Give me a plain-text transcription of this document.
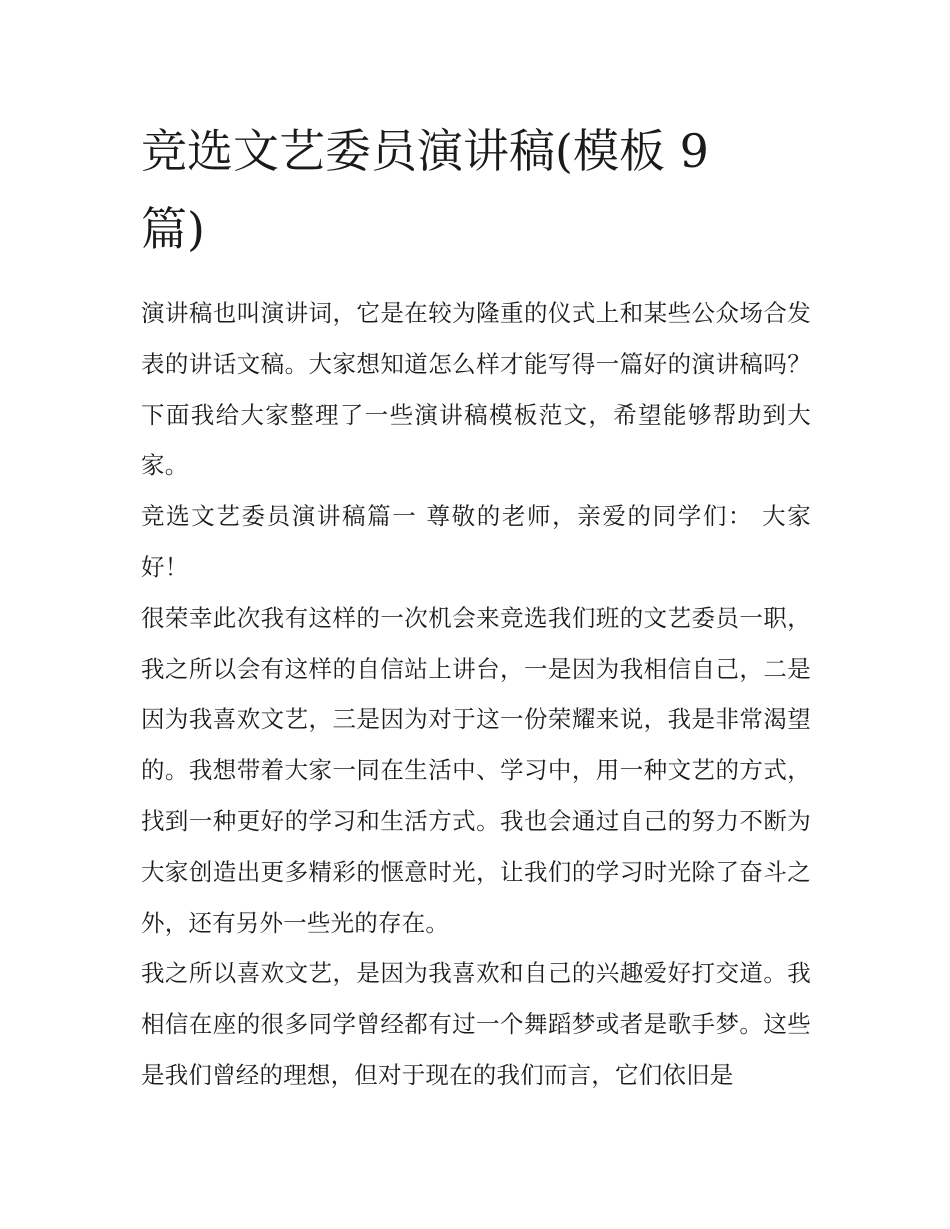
竞选文艺委员演讲稿(模板 9 篇)

演讲稿也叫演讲词，它是在较为隆重的仪式上和某些公众场合发表的讲话文稿。大家想知道怎么样才能写得一篇好的演讲稿吗？下面我给大家整理了一些演讲稿模板范文，希望能够帮助到大家。

竞选文艺委员演讲稿篇一 尊敬的老师，亲爱的同学们： 大家好！

很荣幸此次我有这样的一次机会来竞选我们班的文艺委员一职，我之所以会有这样的自信站上讲台，一是因为我相信自己，二是因为我喜欢文艺，三是因为对于这一份荣耀来说，我是非常渴望的。我想带着大家一同在生活中、学习中，用一种文艺的方式，找到一种更好的学习和生活方式。我也会通过自己的努力不断为大家创造出更多精彩的惬意时光，让我们的学习时光除了奋斗之外，还有另外一些光的存在。

我之所以喜欢文艺，是因为我喜欢和自己的兴趣爱好打交道。我相信在座的很多同学曾经都有过一个舞蹈梦或者是歌手梦。这些是我们曾经的理想，但对于现在的我们而言，它们依旧是
